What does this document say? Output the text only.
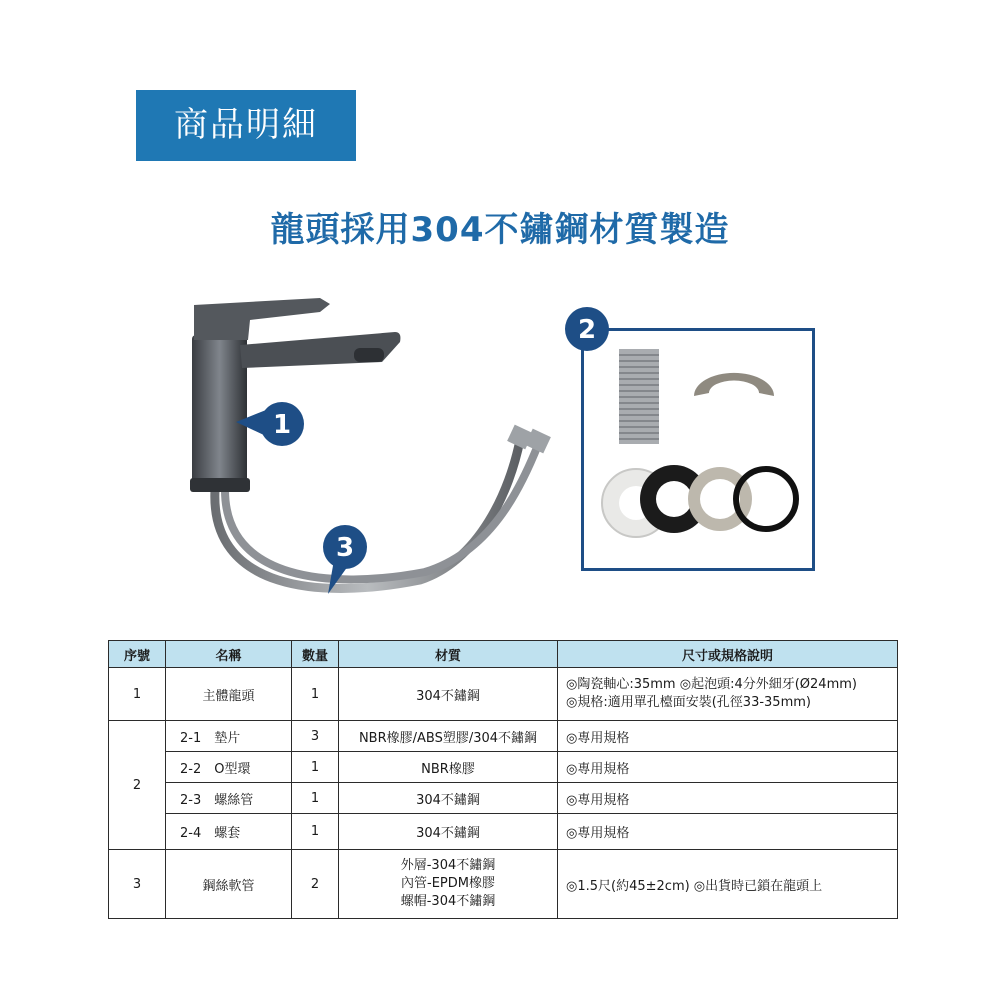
商品明細
龍頭採用304不鏽鋼材質製造
1
2
3
序號	名稱	數量	材質	尺寸或規格說明
1	主體龍頭	1	304不鏽鋼	◎陶瓷軸心:35mm ◎起泡頭:4分外細牙(Ø24mm)
◎規格:適用單孔檯面安裝(孔徑33-35mm)

2	2-1　墊片	3	NBR橡膠/ABS塑膠/304不鏽鋼	◎專用規格
	2-2　O型環	1	NBR橡膠	◎專用規格
	2-3　螺絲管	1	304不鏽鋼	◎專用規格
	2-4　螺套	1	304不鏽鋼	◎專用規格
3	鋼絲軟管	2	外層-304不鏽鋼
內管-EPDM橡膠
螺帽-304不鏽鋼	◎1.5尺(約45±2cm) ◎出貨時已鎖在龍頭上
